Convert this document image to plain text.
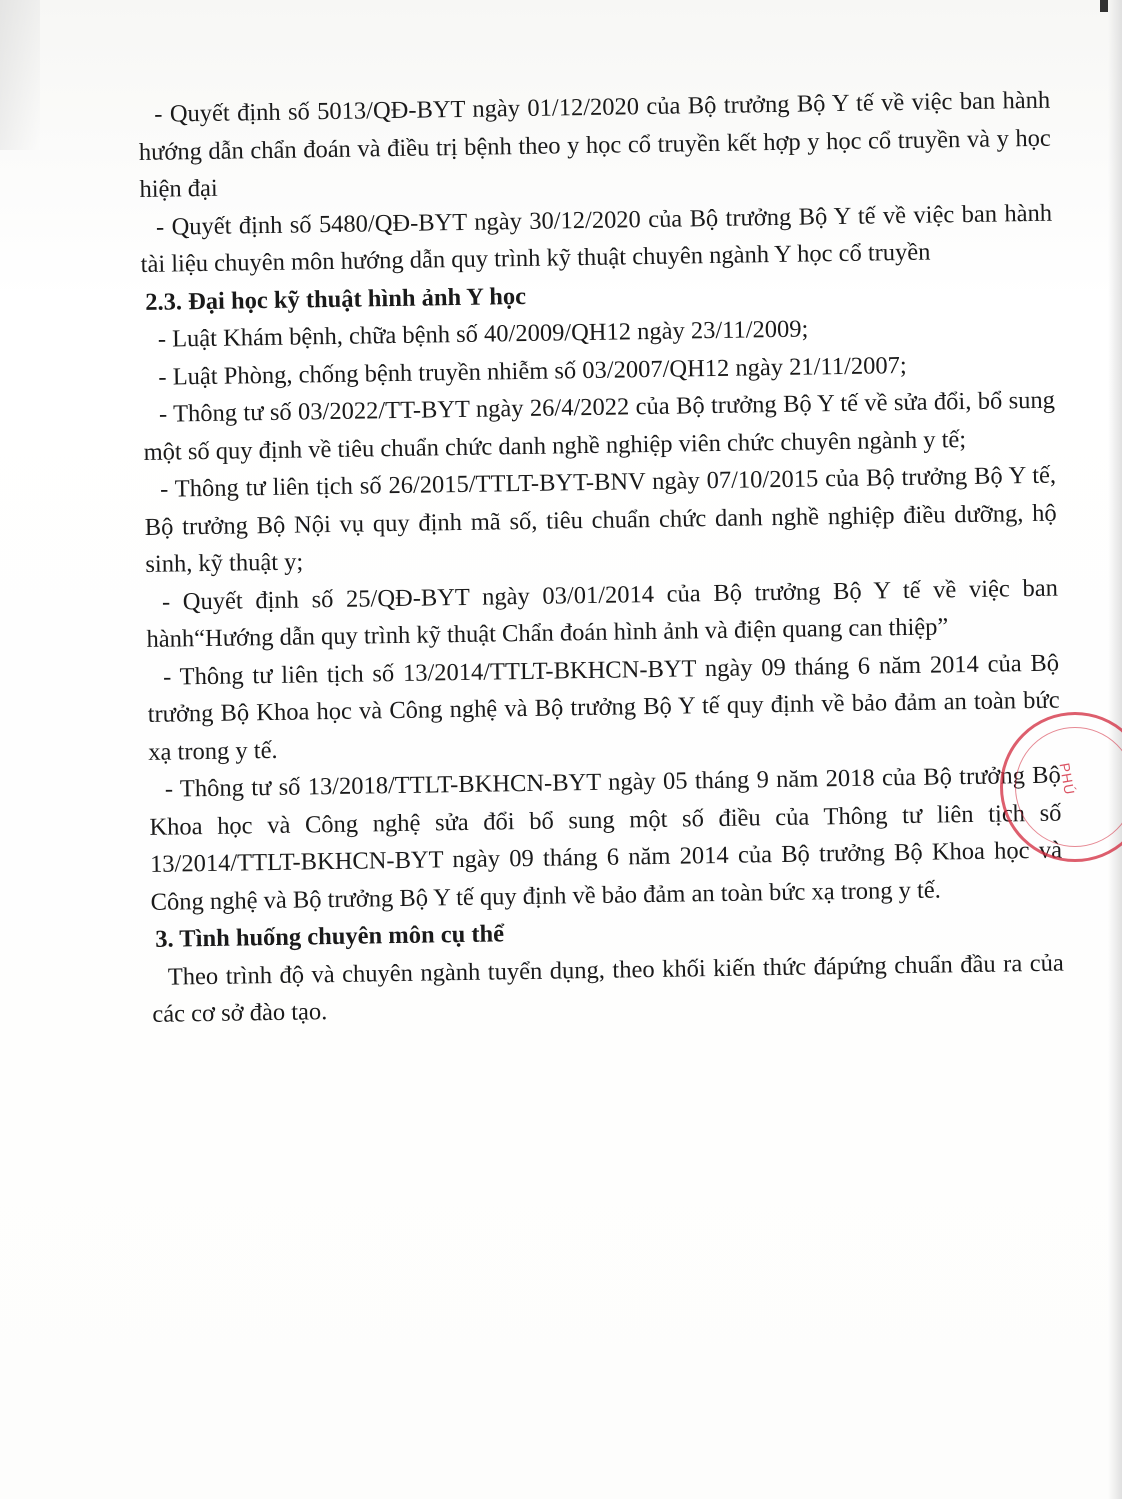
- Quyết định số 5013/QĐ-BYT ngày 01/12/2020 của Bộ trưởng Bộ Y tế về việc ban hành hướng dẫn chẩn đoán và điều trị bệnh theo y học cổ truyền kết hợp y học cổ truyền và y học hiện đại

- Quyết định số 5480/QĐ-BYT ngày 30/12/2020 của Bộ trưởng Bộ Y tế về việc ban hành tài liệu chuyên môn hướng dẫn quy trình kỹ thuật chuyên ngành Y học cổ truyền

2.3. Đại học kỹ thuật hình ảnh Y học

- Luật Khám bệnh, chữa bệnh số 40/2009/QH12 ngày 23/11/2009;

- Luật Phòng, chống bệnh truyền nhiễm số 03/2007/QH12 ngày 21/11/2007;

- Thông tư số 03/2022/TT-BYT ngày 26/4/2022 của Bộ trưởng Bộ Y tế về sửa đổi, bổ sung một số quy định về tiêu chuẩn chức danh nghề nghiệp viên chức chuyên ngành y tế;

- Thông tư liên tịch số 26/2015/TTLT-BYT-BNV ngày 07/10/2015 của Bộ trưởng Bộ Y tế, Bộ trưởng Bộ Nội vụ quy định mã số, tiêu chuẩn chức danh nghề nghiệp điều dưỡng, hộ sinh, kỹ thuật y;

- Quyết định số 25/QĐ-BYT ngày 03/01/2014 của Bộ trưởng Bộ Y tế về việc ban hành“Hướng dẫn quy trình kỹ thuật Chẩn đoán hình ảnh và điện quang can thiệp”

- Thông tư liên tịch số 13/2014/TTLT-BKHCN-BYT ngày 09 tháng 6 năm 2014 của Bộ trưởng Bộ Khoa học và Công nghệ và Bộ trưởng Bộ Y tế quy định về bảo đảm an toàn bức xạ trong y tế.

- Thông tư số 13/2018/TTLT-BKHCN-BYT ngày 05 tháng 9 năm 2018 của Bộ trưởng Bộ Khoa học và Công nghệ sửa đổi bổ sung một số điều của Thông tư liên tịch số 13/2014/TTLT-BKHCN-BYT ngày 09 tháng 6 năm 2014 của Bộ trưởng Bộ Khoa học và Công nghệ và Bộ trưởng Bộ Y tế quy định về bảo đảm an toàn bức xạ trong y tế.

3. Tình huống chuyên môn cụ thể

Theo trình độ và chuyên ngành tuyển dụng, theo khối kiến thức đápứng chuẩn đầu ra của các cơ sở đào tạo.

PHÚ
